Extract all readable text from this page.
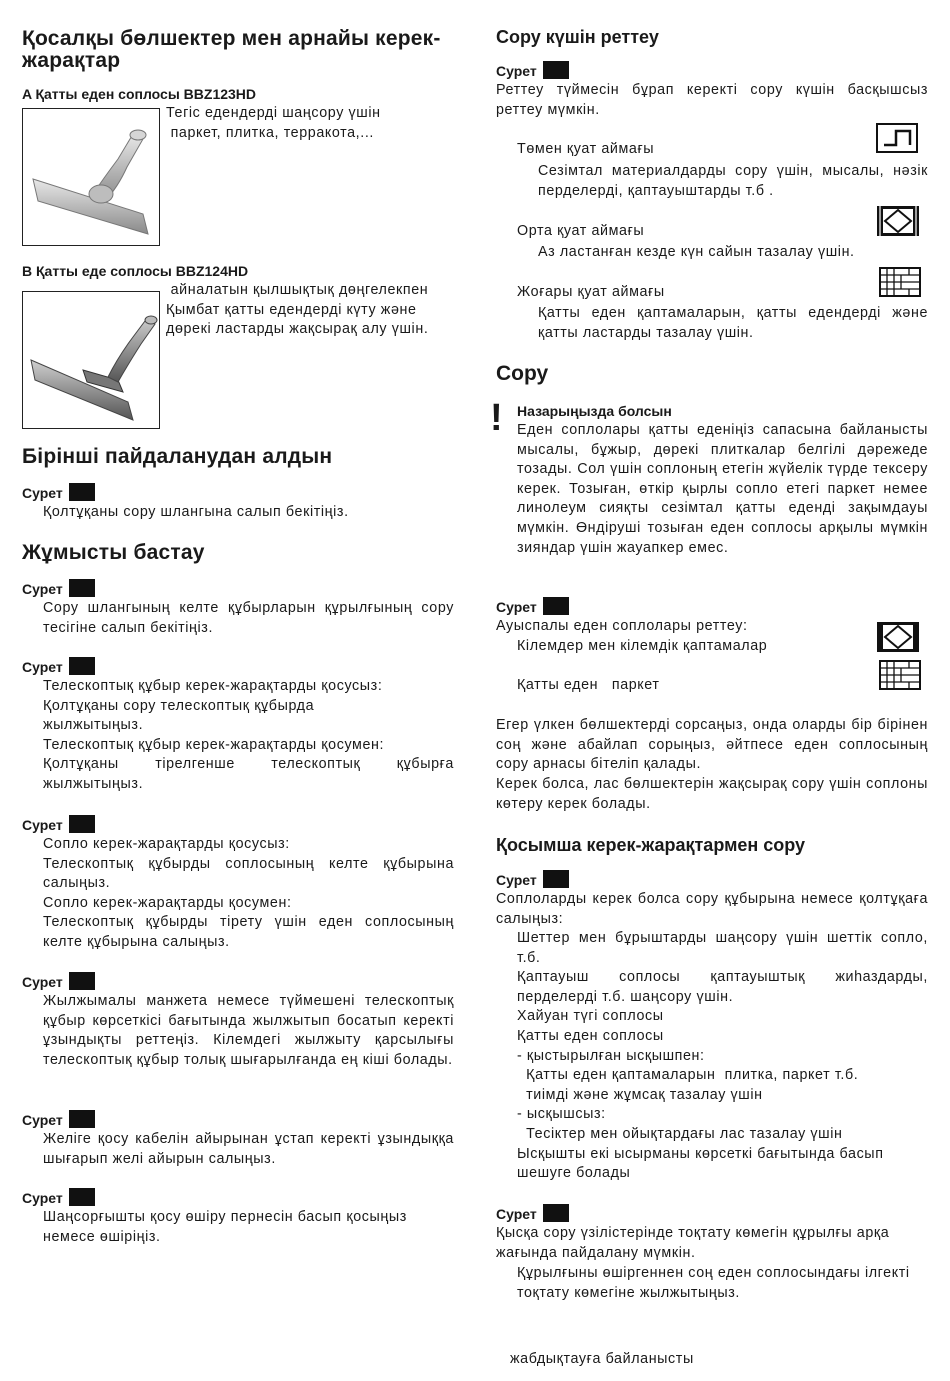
Қосалқы бөлшектер мен арнайы керек-жарақтар
A Қатты еден соплосы BBZ123HD

Тегіс едендерді шаңсору үшін

паркет, плитка, терракота,...

B Қатты еде соплосы BBZ124HD

айналатын қылшықтық дөңгелекпен

Қымбат қатты едендерді күту және

дөрекі ластарды жақсырақ алу үшін.

Бірінші пайдаланудан алдын
Сурет
Қолтұқаны сору шлангына салып бекітіңіз.
Жұмысты бастау
Сурет
Сору шлангының келте құбырларын құрылғының сору тесігіне салып бекітіңіз.
Сурет

Телескоптық құбыр керек-жарақтарды қосусыз:

Қолтұқаны сору телескоптық құбырда жылжытыңыз.

Телескоптық құбыр керек-жарақтарды қосумен:

Қолтұқаны тірелгенше телескоптық құбырға жылжытыңыз.

Сурет

Сопло керек-жарақтарды қосусыз:

Телескоптық құбырды соплосының келте құбырына салыңыз.

Сопло керек-жарақтарды қосумен:

Телескоптық құбырды тірету үшін еден соплосының келте құбырына салыңыз.

Сурет
Жылжымалы манжета немесе түймешені телескоптық құбыр көрсеткісі бағытында жылжытып босатып керекті ұзындықты реттеңіз. Кілемдегі жылжыту қарсылығы телескоптық құбыр толық шығарылғанда ең кіші болады.
Сурет
Желіге қосу кабелін айырынан ұстап керекті ұзындыққа шығарып желі айырын салыңыз.
Сурет
Шаңсорғышты қосу өшіру пернесін басып қосыңыз немесе өшіріңіз.
Сору күшін реттеу
Сурет
Реттеу түймесін бұрап керекті сору күшін басқышсыз реттеу мүмкін.
Төмен қуат аймағы
Сезімтал материалдарды сору үшін, мысалы, нәзік перделерді, қаптауыштарды т.б .
Орта қуат аймағы
Аз ластанған кезде күн сайын тазалау үшін.
Жоғары қуат аймағы
Қатты еден қаптамаларын, қатты едендерді және қатты ластарды тазалау үшін.
Сору
! Назарыңызда болсын
Еден соплолары қатты еденіңіз сапасына байланысты мысалы, бұжыр, дөрекі плиткалар белгілі дәрежеде тозады. Сол үшін соплоның етегін жүйелік түрде тексеру керек. Тозыған, өткір қырлы сопло етегі паркет немее линолеум сияқты сезімтал қатты еденді зақымдауы мүмкін. Өндіруші тозыған еден соплосы арқылы мүмкін зияндар үшін жауапкер емес.
Сурет
Ауыспалы еден соплолары реттеу:
Кілемдер мен кілемдік қаптамалар
Қатты еден   паркет
Егер үлкен бөлшектерді сорсаңыз, онда оларды бір бірінен соң және абайлап сорыңыз, әйтпесе еден соплосының сору арнасы бітеліп қалады.
Керек болса, лас бөлшектерін жақсырақ сору үшін соплоны көтеру керек болады.
Қосымша керек-жарақтармен сору
Сурет
Соплоларды керек болса сору құбырына немесе қолтұқаға салыңыз:

Шеттер мен бұрыштарды шаңсору үшін шеттік сопло, т.б.

Қаптауыш соплосы қаптауыштық жиһаздарды, перделерді т.б. шаңсору үшін.

Хайуан түгі соплосы

Қатты еден соплосы

- қыстырылған ысқышпен:

Қатты еден қаптамаларын  плитка, паркет т.б.

тиімді және жұмсақ тазалау үшін

- ысқышсыз:

Тесіктер мен ойықтардағы лас тазалау үшін

Ысқышты екі ысырманы көрсеткі бағытында басып шешуге болады

Сурет
Қысқа сору үзілістерінде тоқтату көмегін құрылғы арқа жағында пайдалану мүмкін.
Құрылғыны өшіргеннен соң еден соплосындағы ілгекті тоқтату көмегіне жылжытыңыз.
жабдықтауға байланысты
